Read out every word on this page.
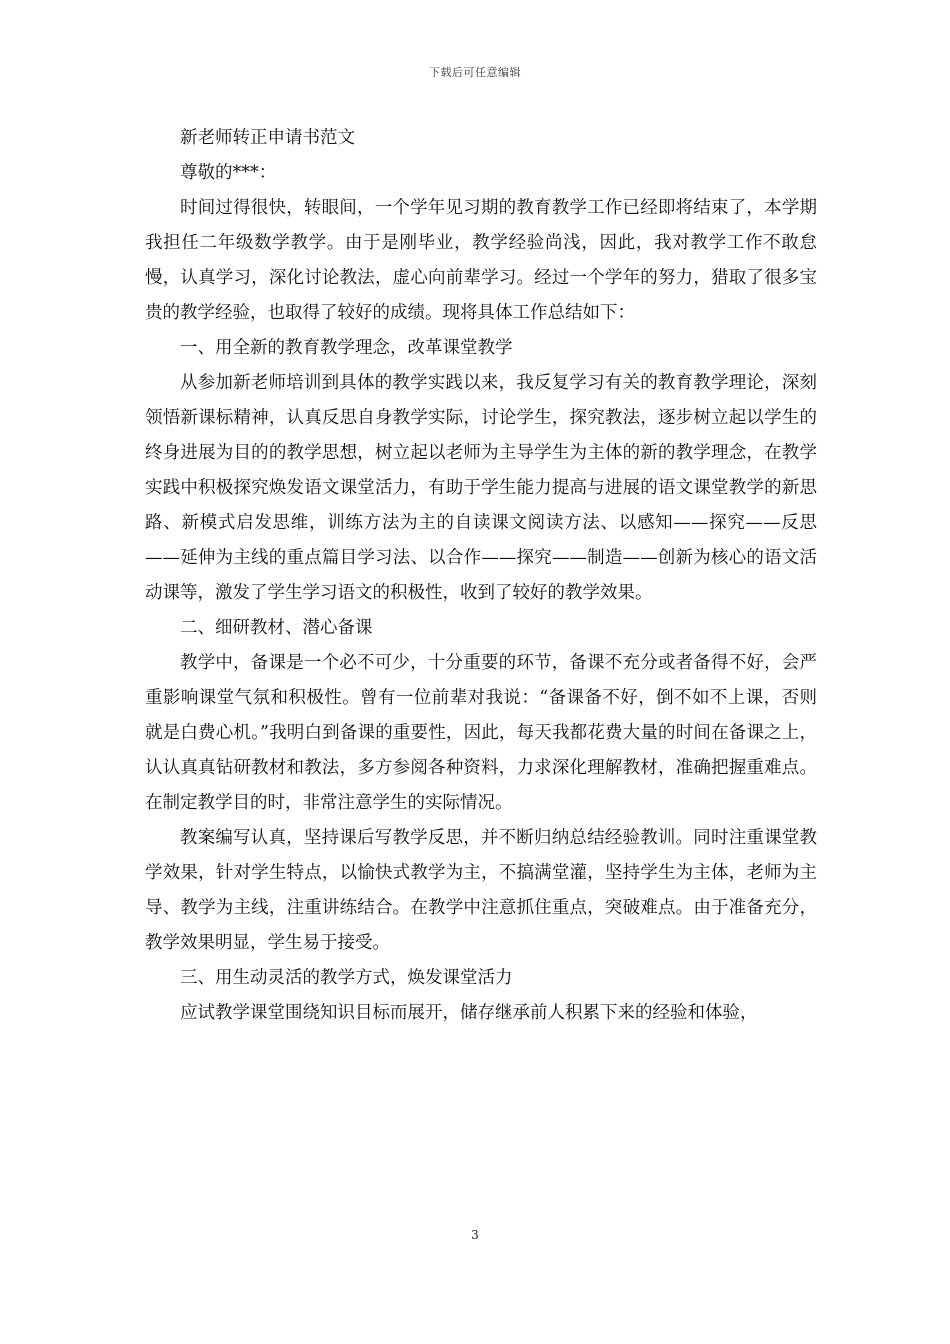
下载后可任意编辑

新老师转正申请书范文

尊敬的***：

时间过得很快，转眼间，一个学年见习期的教育教学工作已经即将结束了，本学期我担任二年级数学教学。由于是刚毕业，教学经验尚浅，因此，我对教学工作不敢怠慢，认真学习，深化讨论教法，虚心向前辈学习。经过一个学年的努力，猎取了很多宝贵的教学经验，也取得了较好的成绩。现将具体工作总结如下：

一、用全新的教育教学理念，改革课堂教学

从参加新老师培训到具体的教学实践以来，我反复学习有关的教育教学理论，深刻领悟新课标精神，认真反思自身教学实际，讨论学生，探究教法，逐步树立起以学生的终身进展为目的的教学思想，树立起以老师为主导学生为主体的新的教学理念，在教学实践中积极探究焕发语文课堂活力，有助于学生能力提高与进展的语文课堂教学的新思路、新模式启发思维，训练方法为主的自读课文阅读方法、以感知——探究——反思——延伸为主线的重点篇目学习法、以合作——探究——制造——创新为核心的语文活动课等，激发了学生学习语文的积极性，收到了较好的教学效果。

二、细研教材、潜心备课

教学中，备课是一个必不可少，十分重要的环节，备课不充分或者备得不好，会严重影响课堂气氛和积极性。曾有一位前辈对我说：“备课备不好，倒不如不上课，否则就是白费心机。”我明白到备课的重要性，因此，每天我都花费大量的时间在备课之上，认认真真钻研教材和教法，多方参阅各种资料，力求深化理解教材，准确把握重难点。在制定教学目的时，非常注意学生的实际情况。

教案编写认真，坚持课后写教学反思，并不断归纳总结经验教训。同时注重课堂教学效果，针对学生特点，以愉快式教学为主，不搞满堂灌，坚持学生为主体，老师为主导、教学为主线，注重讲练结合。在教学中注意抓住重点，突破难点。由于准备充分，教学效果明显，学生易于接受。

三、用生动灵活的教学方式，焕发课堂活力

应试教学课堂围绕知识目标而展开，储存继承前人积累下来的经验和体验，

3
